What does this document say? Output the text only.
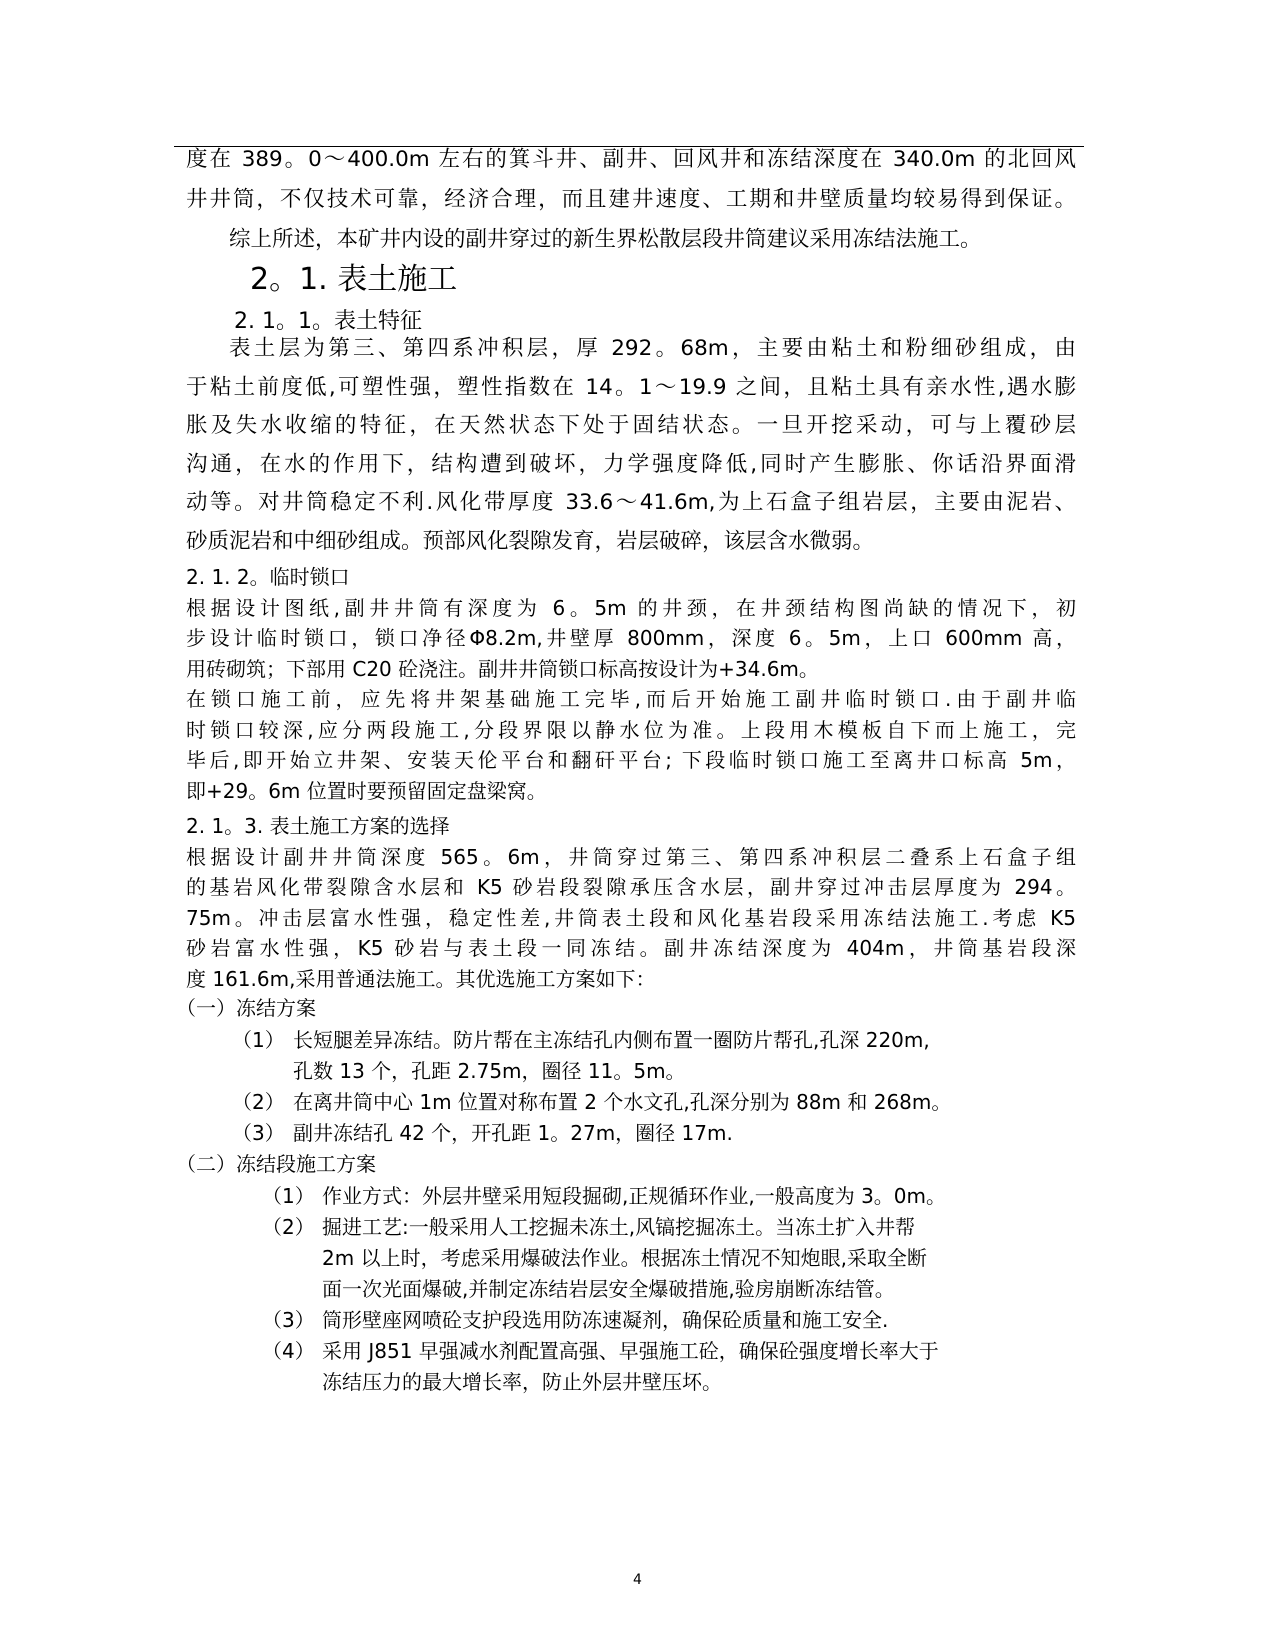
度在 389。0～400.0m 左右的箕斗井、副井、回风井和冻结深度在 340.0m 的北回风
井井筒，不仅技术可靠，经济合理，而且建井速度、工期和井壁质量均较易得到保证。
综上所述，本矿井内设的副井穿过的新生界松散层段井筒建议采用冻结法施工。
2。1. 表土施工
2. 1。1。表土特征
表土层为第三、第四系冲积层，厚 292。68m，主要由粘土和粉细砂组成，由
于粘土前度低,可塑性强，塑性指数在 14。1～19.9 之间，且粘土具有亲水性,遇水膨
胀及失水收缩的特征，在天然状态下处于固结状态。一旦开挖采动，可与上覆砂层
沟通，在水的作用下，结构遭到破坏，力学强度降低,同时产生膨胀、你话沿界面滑
动等。对井筒稳定不利.风化带厚度 33.6～41.6m,为上石盒子组岩层，主要由泥岩、
砂质泥岩和中细砂组成。预部风化裂隙发育，岩层破碎，该层含水微弱。
2. 1. 2。临时锁口
根据设计图纸,副井井筒有深度为 6。5m 的井颈，在井颈结构图尚缺的情况下，初
步设计临时锁口，锁口净径Φ8.2m,井壁厚 800mm，深度 6。5m，上口 600mm 高，
用砖砌筑；下部用 C20 砼浇注。副井井筒锁口标高按设计为+34.6m。
在锁口施工前，应先将井架基础施工完毕,而后开始施工副井临时锁口.由于副井临
时锁口较深,应分两段施工,分段界限以静水位为准。上段用木模板自下而上施工，完
毕后,即开始立井架、安装天伦平台和翻矸平台; 下段临时锁口施工至离井口标高 5m，
即+29。6m 位置时要预留固定盘梁窝。
2. 1。3. 表土施工方案的选择
根据设计副井井筒深度 565。6m，井筒穿过第三、第四系冲积层二叠系上石盒子组
的基岩风化带裂隙含水层和 K5 砂岩段裂隙承压含水层，副井穿过冲击层厚度为 294。
75m。冲击层富水性强，稳定性差,井筒表土段和风化基岩段采用冻结法施工.考虑 K5
砂岩富水性强，K5 砂岩与表土段一同冻结。副井冻结深度为 404m，井筒基岩段深
度 161.6m,采用普通法施工。其优选施工方案如下：
（一）冻结方案
（1） 长短腿差异冻结。防片帮在主冻结孔内侧布置一圈防片帮孔,孔深 220m,
孔数 13 个，孔距 2.75m，圈径 11。5m。
（2） 在离井筒中心 1m 位置对称布置 2 个水文孔,孔深分别为 88m 和 268m。
（3） 副井冻结孔 42 个，开孔距 1。27m，圈径 17m.
（二）冻结段施工方案
（1） 作业方式：外层井壁采用短段掘砌,正规循环作业,一般高度为 3。0m。
（2） 掘进工艺:一般采用人工挖掘未冻土,风镐挖掘冻土。当冻土扩入井帮
2m 以上时，考虑采用爆破法作业。根据冻土情况不知炮眼,采取全断
面一次光面爆破,并制定冻结岩层安全爆破措施,验房崩断冻结管。
（3） 筒形壁座网喷砼支护段选用防冻速凝剂，确保砼质量和施工安全.
（4） 采用 J851 早强减水剂配置高强、早强施工砼，确保砼强度增长率大于
冻结压力的最大增长率，防止外层井壁压坏。
4
